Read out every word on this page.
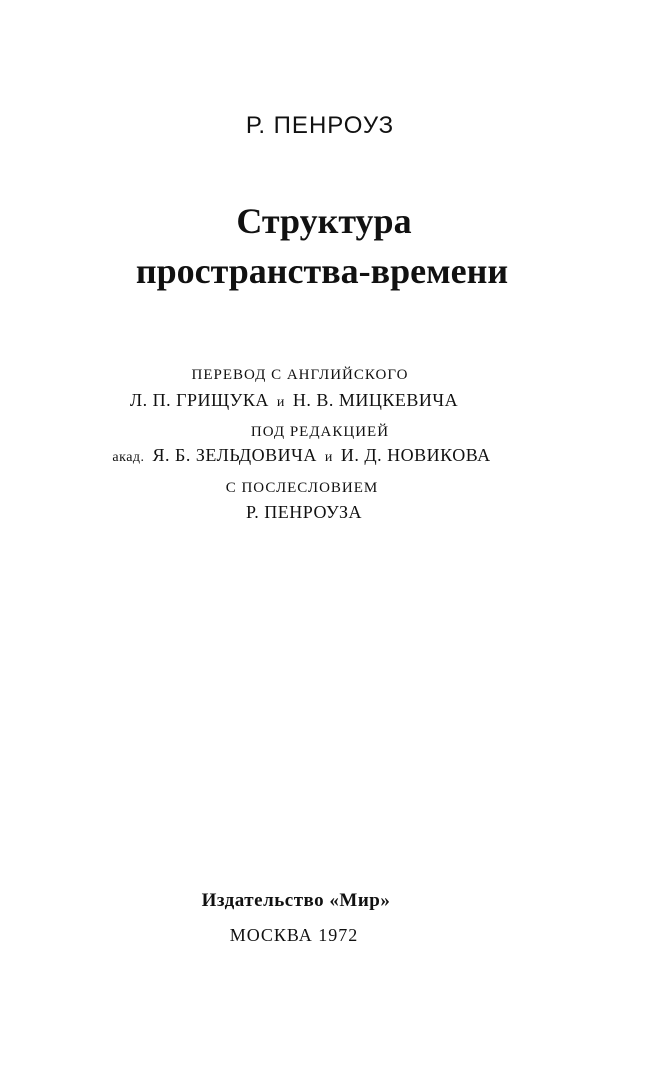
Р. ПЕНРОУЗ
Структура
пространства-времени
ПЕРЕВОД С АНГЛИЙСКОГО
Л. П. ГРИЩУКА и Н. В. МИЦКЕВИЧА
ПОД РЕДАКЦИЕЙ
акад. Я. Б. ЗЕЛЬДОВИЧА и И. Д. НОВИКОВА
С ПОСЛЕСЛОВИЕМ
Р. ПЕНРОУЗА
Издательство «Мир»
МОСКВА 1972
